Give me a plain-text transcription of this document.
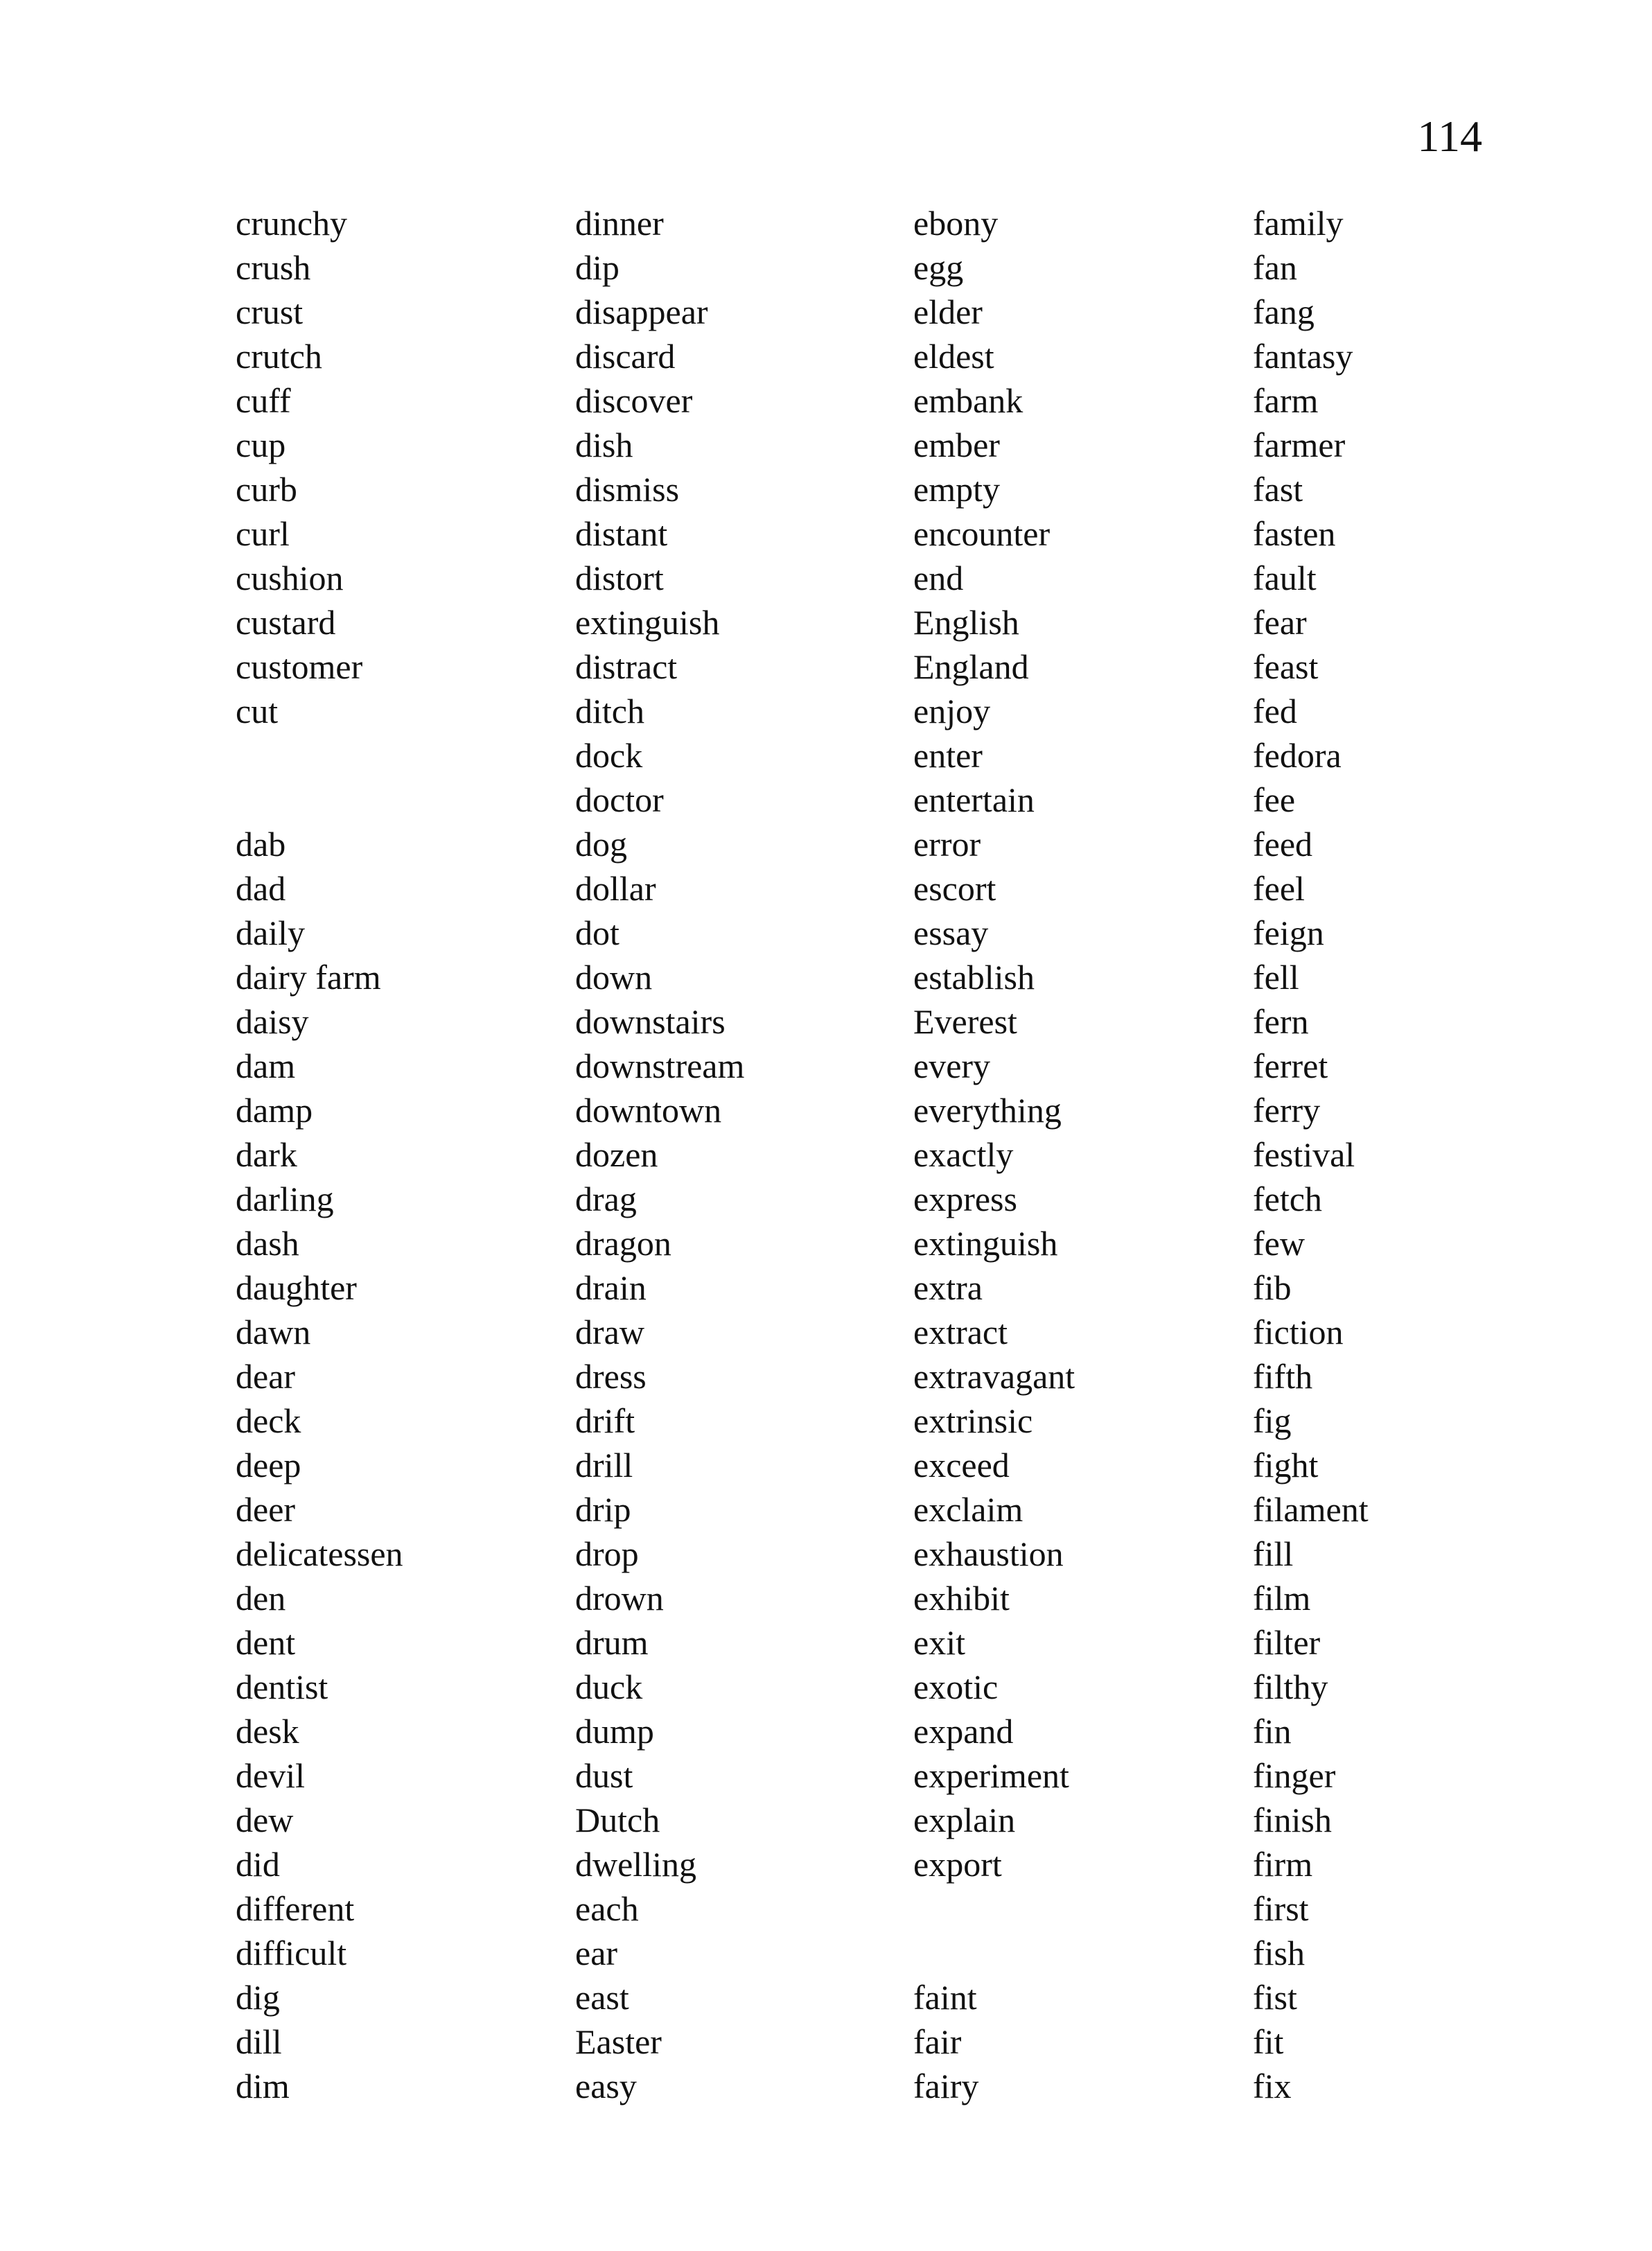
114
crunchy
crush
crust
crutch
cuff
cup
curb
curl
cushion
custard
customer
cut
dab
dad
daily
dairy farm
daisy
dam
damp
dark
darling
dash
daughter
dawn
dear
deck
deep
deer
delicatessen
den
dent
dentist
desk
devil
dew
did
different
difficult
dig
dill
dim
dinner
dip
disappear
discard
discover
dish
dismiss
distant
distort
extinguish
distract
ditch
dock
doctor
dog
dollar
dot
down
downstairs
downstream
downtown
dozen
drag
dragon
drain
draw
dress
drift
drill
drip
drop
drown
drum
duck
dump
dust
Dutch
dwelling
each
ear
east
Easter
easy
ebony
egg
elder
eldest
embank
ember
empty
encounter
end
English
England
enjoy
enter
entertain
error
escort
essay
establish
Everest
every
everything
exactly
express
extinguish
extra
extract
extravagant
extrinsic
exceed
exclaim
exhaustion
exhibit
exit
exotic
expand
experiment
explain
export
faint
fair
fairy
family
fan
fang
fantasy
farm
farmer
fast
fasten
fault
fear
feast
fed
fedora
fee
feed
feel
feign
fell
fern
ferret
ferry
festival
fetch
few
fib
fiction
fifth
fig
fight
filament
fill
film
filter
filthy
fin
finger
finish
firm
first
fish
fist
fit
fix
